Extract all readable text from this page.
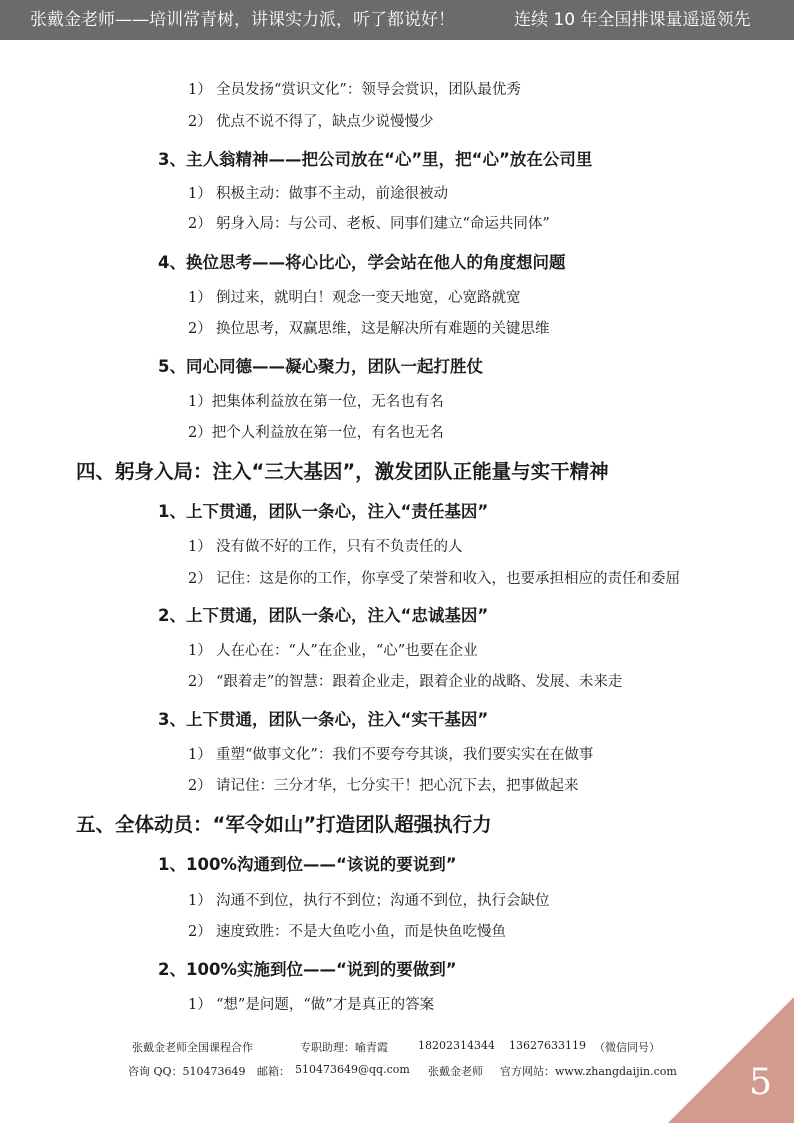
张戴金老师——培训常青树，讲课实力派，听了都说好！	连续 10 年全国排课量遥遥领先
1） 全员发扬“赏识文化”：领导会赏识，团队最优秀
2） 优点不说不得了，缺点少说慢慢少
3、主人翁精神——把公司放在“心”里，把“心”放在公司里
1） 积极主动：做事不主动，前途很被动
2） 躬身入局：与公司、老板、同事们建立“命运共同体”
4、换位思考——将心比心，学会站在他人的角度想问题
1） 倒过来，就明白！观念一变天地宽，心宽路就宽
2） 换位思考，双赢思维，这是解决所有难题的关键思维
5、同心同德——凝心聚力，团队一起打胜仗
1）把集体利益放在第一位，无名也有名
2）把个人利益放在第一位，有名也无名
四、躬身入局：注入“三大基因”，激发团队正能量与实干精神
1、上下贯通，团队一条心，注入“责任基因”
1） 没有做不好的工作，只有不负责任的人
2） 记住：这是你的工作，你享受了荣誉和收入，也要承担相应的责任和委屈
2、上下贯通，团队一条心，注入“忠诚基因”
1） 人在心在：“人”在企业，“心”也要在企业
2） “跟着走”的智慧：跟着企业走，跟着企业的战略、发展、未来走
3、上下贯通，团队一条心，注入“实干基因”
1） 重塑“做事文化”：我们不要夸夸其谈，我们要实实在在做事
2） 请记住：三分才华，七分实干！把心沉下去，把事做起来
五、全体动员：“军令如山”打造团队超强执行力
1、100%沟通到位——“该说的要说到”
1） 沟通不到位，执行不到位；沟通不到位，执行会缺位
2） 速度致胜：不是大鱼吃小鱼，而是快鱼吃慢鱼
2、100%实施到位——“说到的要做到”
1） “想”是问题，“做”才是真正的答案
张戴金老师全国课程合作	专职助理：喻青霞	18202314344 13627633119 （微信同号）
咨询 QQ：510473649 邮箱： 510473649@qq.com 张戴金老师 官方网站：www.zhangdaijin.com 5
